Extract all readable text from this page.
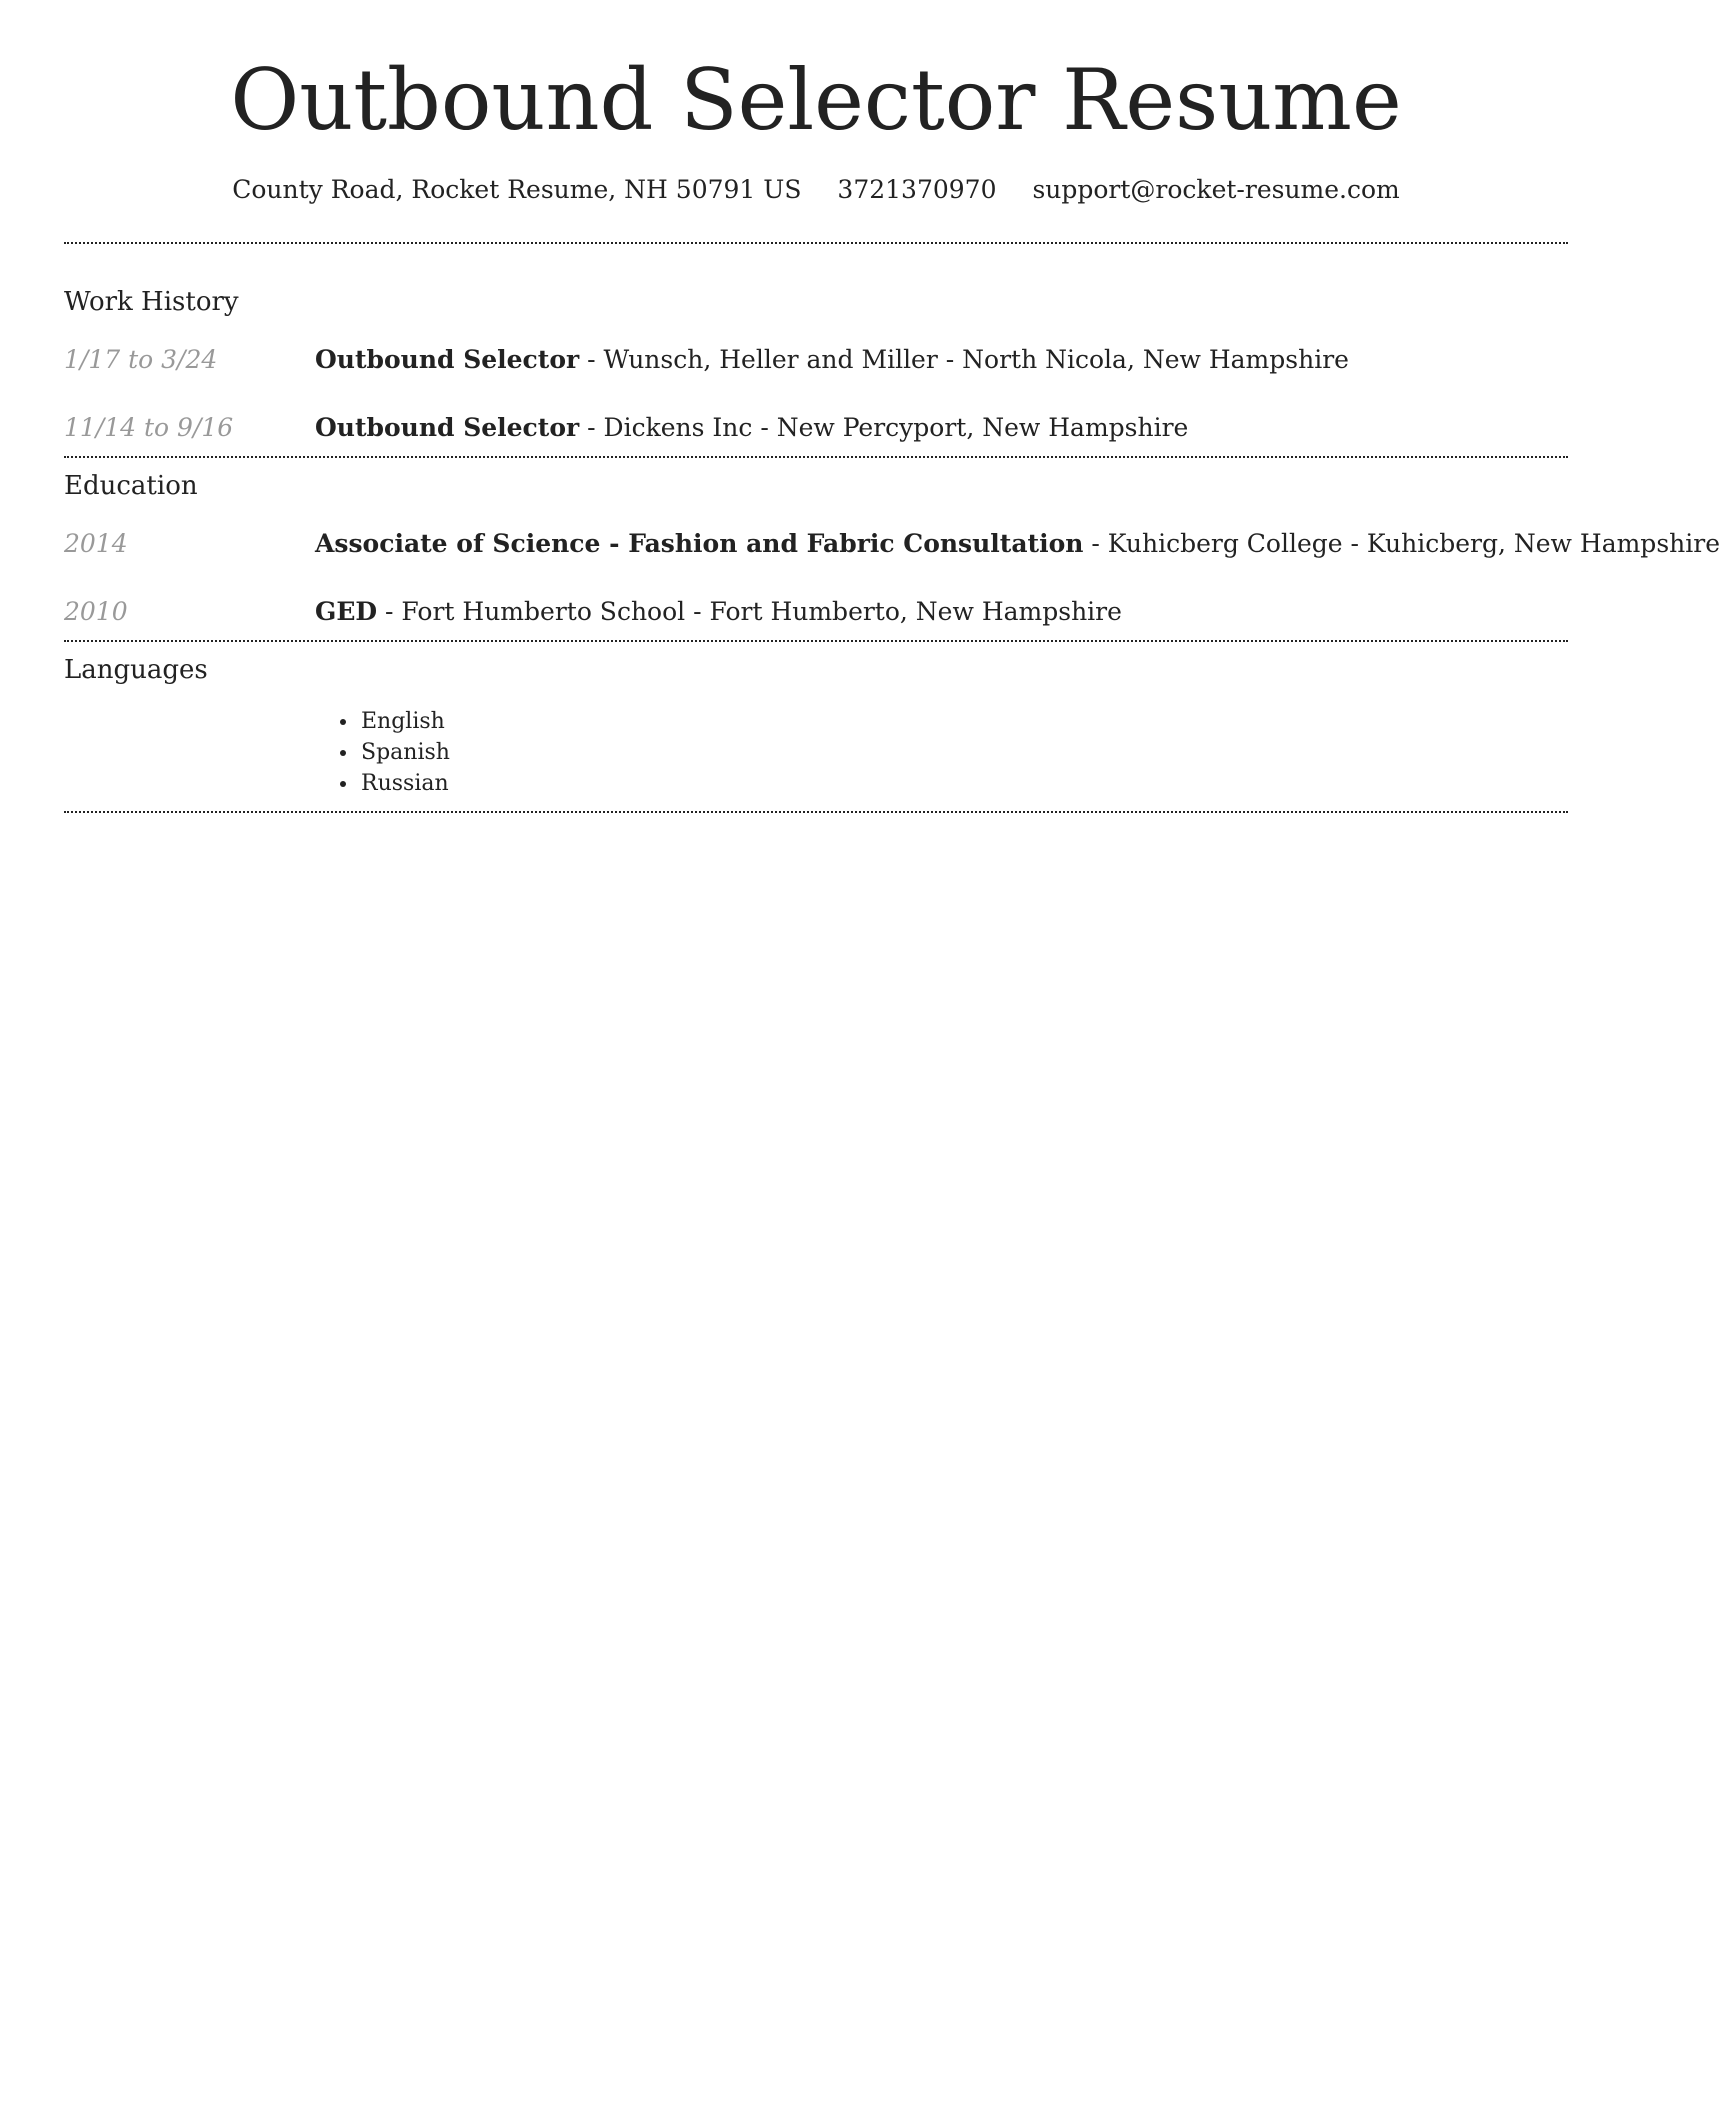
Outbound Selector Resume
County Road, Rocket Resume, NH 50791 US 3721370970 support@rocket-resume.com
Work History
1/17 to 3/24	Outbound Selector - Wunsch, Heller and Miller - North Nicola, New Hampshire
11/14 to 9/16	Outbound Selector - Dickens Inc - New Percyport, New Hampshire
Education
2014	Associate of Science - Fashion and Fabric Consultation - Kuhicberg College - Kuhicberg, New Hampshire
2010	GED - Fort Humberto School - Fort Humberto, New Hampshire
Languages
• English
• Spanish
• Russian
